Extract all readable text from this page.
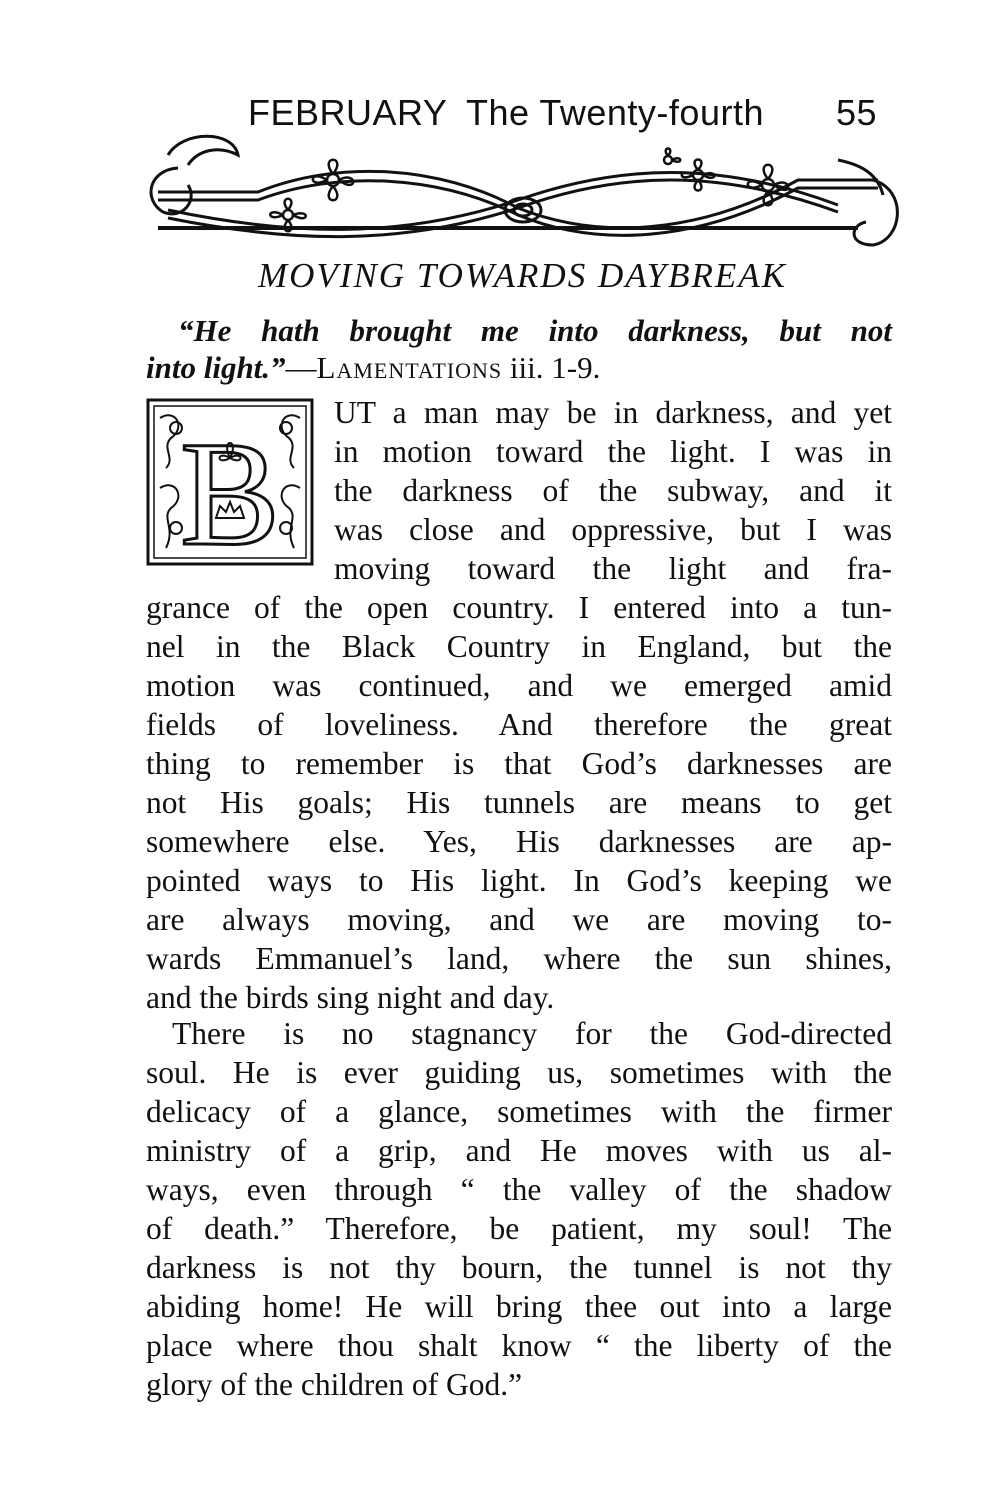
FEBRUARY The Twenty-fourth 55
MOVING TOWARDS DAYBREAK
“He hath brought me into darkness, but not
into light.”—Lamentations iii. 1-9.
B UT a man may be in darkness, and yet
in motion toward the light. I was in
the darkness of the subway, and it
was close and oppressive, but I was
moving toward the light and fra-
grance of the open country. I entered into a tun-
nel in the Black Country in England, but the
motion was continued, and we emerged amid
fields of loveliness. And therefore the great
thing to remember is that God’s darknesses are
not His goals; His tunnels are means to get
somewhere else. Yes, His darknesses are ap-
pointed ways to His light. In God’s keeping we
are always moving, and we are moving to-
wards Emmanuel’s land, where the sun shines,
and the birds sing night and day.
There is no stagnancy for the God-directed
soul. He is ever guiding us, sometimes with the
delicacy of a glance, sometimes with the firmer
ministry of a grip, and He moves with us al-
ways, even through “ the valley of the shadow
of death.” Therefore, be patient, my soul! The
darkness is not thy bourn, the tunnel is not thy
abiding home! He will bring thee out into a large
place where thou shalt know “ the liberty of the
glory of the children of God.”
